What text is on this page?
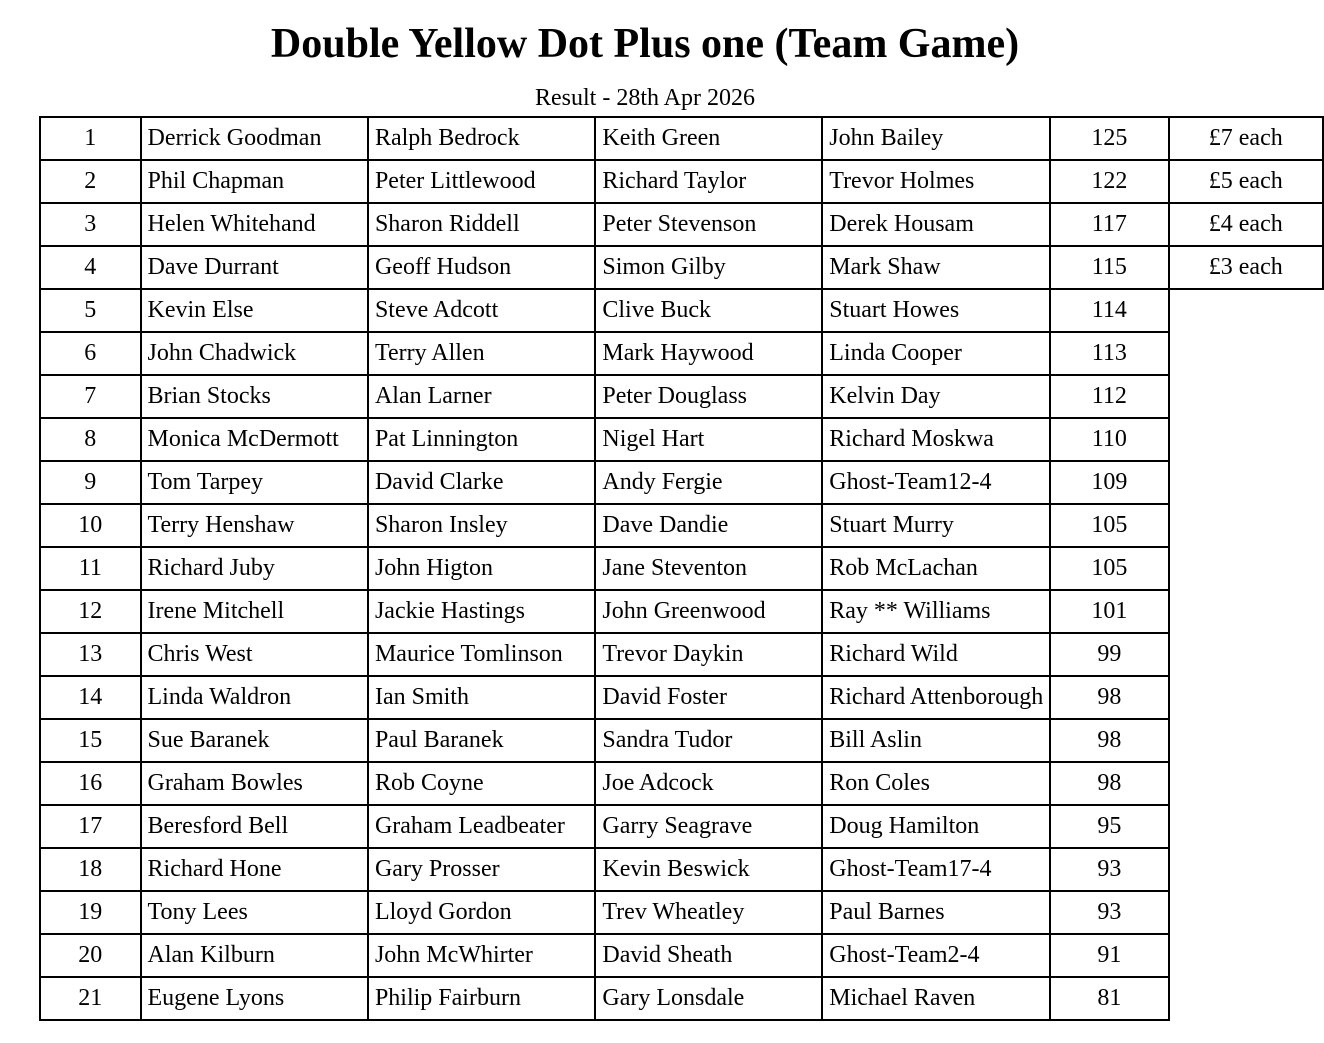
Double Yellow Dot Plus one (Team Game)
Result - 28th Apr 2026
1	Derrick Goodman	Ralph Bedrock	Keith Green	John Bailey	125	£7 each
2	Phil Chapman	Peter Littlewood	Richard Taylor	Trevor Holmes	122	£5 each
3	Helen Whitehand	Sharon Riddell	Peter Stevenson	Derek Housam	117	£4 each
4	Dave Durrant	Geoff Hudson	Simon Gilby	Mark Shaw	115	£3 each
5	Kevin Else	Steve Adcott	Clive Buck	Stuart Howes	114	
6	John Chadwick	Terry Allen	Mark Haywood	Linda Cooper	113	
7	Brian Stocks	Alan Larner	Peter Douglass	Kelvin Day	112	
8	Monica McDermott	Pat Linnington	Nigel Hart	Richard Moskwa	110	
9	Tom Tarpey	David Clarke	Andy Fergie	Ghost-Team12-4	109	
10	Terry Henshaw	Sharon Insley	Dave Dandie	Stuart Murry	105	
11	Richard Juby	John Higton	Jane Steventon	Rob McLachan	105	
12	Irene Mitchell	Jackie Hastings	John Greenwood	Ray ** Williams	101	
13	Chris West	Maurice Tomlinson	Trevor Daykin	Richard Wild	99	
14	Linda Waldron	Ian Smith	David Foster	Richard Attenborough	98	
15	Sue Baranek	Paul Baranek	Sandra Tudor	Bill Aslin	98	
16	Graham Bowles	Rob Coyne	Joe Adcock	Ron Coles	98	
17	Beresford Bell	Graham Leadbeater	Garry Seagrave	Doug Hamilton	95	
18	Richard Hone	Gary Prosser	Kevin Beswick	Ghost-Team17-4	93	
19	Tony Lees	Lloyd Gordon	Trev Wheatley	Paul Barnes	93	
20	Alan Kilburn	John McWhirter	David Sheath	Ghost-Team2-4	91	
21	Eugene Lyons	Philip Fairburn	Gary Lonsdale	Michael Raven	81	
